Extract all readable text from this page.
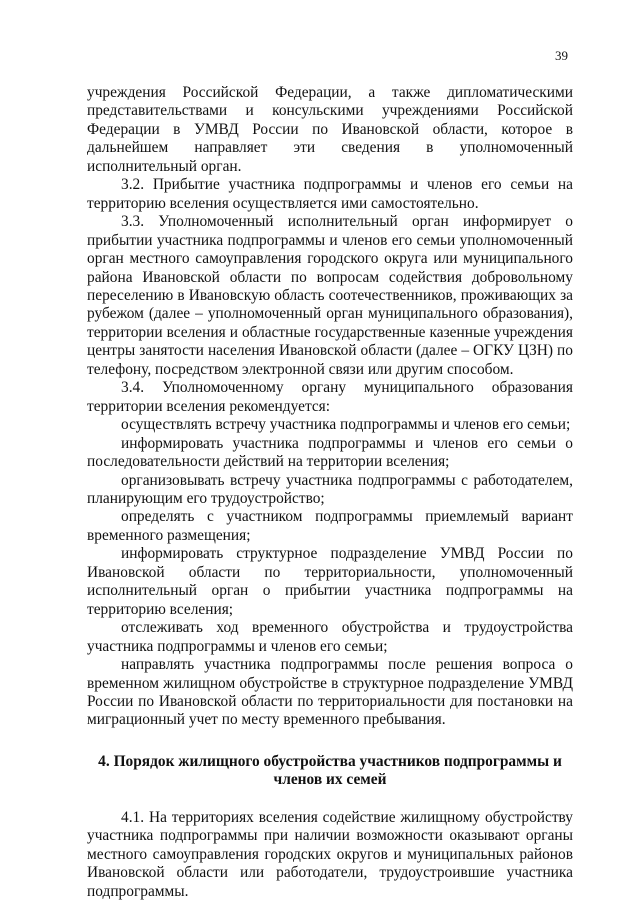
39

учреждения Российской Федерации, а также дипломатическими представительствами и консульскими учреждениями Российской Федерации в УМВД России по Ивановской области, которое в дальнейшем направляет эти сведения в уполномоченный исполнительный орган.

3.2. Прибытие участника подпрограммы и членов его семьи на территорию вселения осуществляется ими самостоятельно.

3.3. Уполномоченный исполнительный орган информирует о прибытии участника подпрограммы и членов его семьи уполномоченный орган местного самоуправления городского округа или муниципального района Ивановской области по вопросам содействия добровольному переселению в Ивановскую область соотечественников, проживающих за рубежом (далее – уполномоченный орган муниципального образования), территории вселения и областные государственные казенные учреждения центры занятости населения Ивановской области (далее – ОГКУ ЦЗН) по телефону, посредством электронной связи или другим способом.

3.4. Уполномоченному органу муниципального образования территории вселения рекомендуется:

осуществлять встречу участника подпрограммы и членов его семьи;

информировать участника подпрограммы и членов его семьи о последовательности действий на территории вселения;

организовывать встречу участника подпрограммы с работодателем, планирующим его трудоустройство;

определять с участником подпрограммы приемлемый вариант временного размещения;

информировать структурное подразделение УМВД России по Ивановской области по территориальности, уполномоченный исполнительный орган о прибытии участника подпрограммы на территорию вселения;

отслеживать ход временного обустройства и трудоустройства участника подпрограммы и членов его семьи;

направлять участника подпрограммы после решения вопроса о временном жилищном обустройстве в структурное подразделение УМВД России по Ивановской области по территориальности для постановки на миграционный учет по месту временного пребывания.

4. Порядок жилищного обустройства участников подпрограммы и
членов их семей

4.1. На территориях вселения содействие жилищному обустройству участника подпрограммы при наличии возможности оказывают органы местного самоуправления городских округов и муниципальных районов Ивановской области или работодатели, трудоустроившие участника подпрограммы.
